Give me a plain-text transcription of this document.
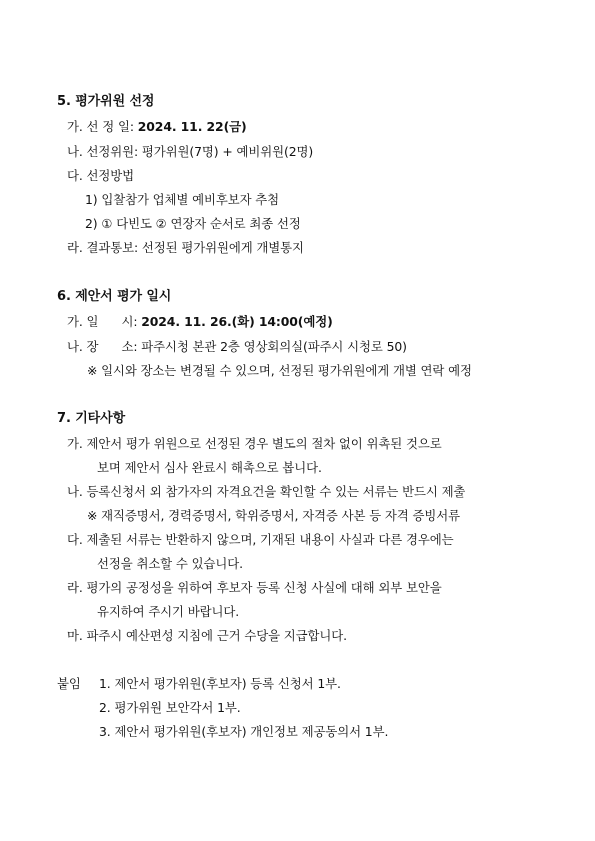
5. 평가위원 선정
가. 선 정 일: 2024. 11. 22(금)
나. 선정위원: 평가위원(7명) + 예비위원(2명)
다. 선정방법
1) 입찰참가 업체별 예비후보자 추첨
2) ① 다빈도 ② 연장자 순서로 최종 선정
라. 결과통보: 선정된 평가위원에게 개별통지
6. 제안서 평가 일시
가. 일      시: 2024. 11. 26.(화) 14:00(예정)
나. 장      소: 파주시청 본관 2층 영상회의실(파주시 시청로 50)
※ 일시와 장소는 변경될 수 있으며, 선정된 평가위원에게 개별 연락 예정
7. 기타사항
가. 제안서 평가 위원으로 선정된 경우 별도의 절차 없이 위촉된 것으로
보며 제안서 심사 완료시 해촉으로 봅니다.
나. 등록신청서 외 참가자의 자격요건을 확인할 수 있는 서류는 반드시 제출
※ 재직증명서, 경력증명서, 학위증명서, 자격증 사본 등 자격 증빙서류
다. 제출된 서류는 반환하지 않으며, 기재된 내용이 사실과 다른 경우에는
선정을 취소할 수 있습니다.
라. 평가의 공정성을 위하여 후보자 등록 신청 사실에 대해 외부 보안을
유지하여 주시기 바랍니다.
마. 파주시 예산편성 지침에 근거 수당을 지급합니다.
붙임 1. 제안서 평가위원(후보자) 등록 신청서 1부.
2. 평가위원 보안각서 1부.
3. 제안서 평가위원(후보자) 개인정보 제공동의서 1부.
